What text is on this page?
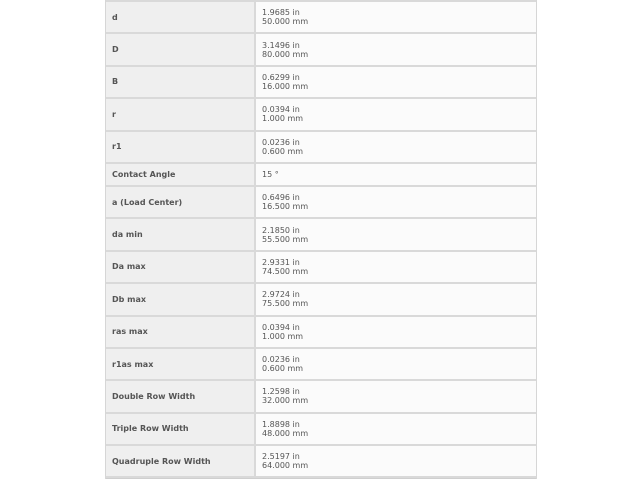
d	1.9685 in
50.000 mm
D	3.1496 in
80.000 mm
B	0.6299 in
16.000 mm
r	0.0394 in
1.000 mm
r1	0.0236 in
0.600 mm
Contact Angle	15 °
a (Load Center)	0.6496 in
16.500 mm
da min	2.1850 in
55.500 mm
Da max	2.9331 in
74.500 mm
Db max	2.9724 in
75.500 mm
ras max	0.0394 in
1.000 mm
r1as max	0.0236 in
0.600 mm
Double Row Width	1.2598 in
32.000 mm
Triple Row Width	1.8898 in
48.000 mm
Quadruple Row Width	2.5197 in
64.000 mm
